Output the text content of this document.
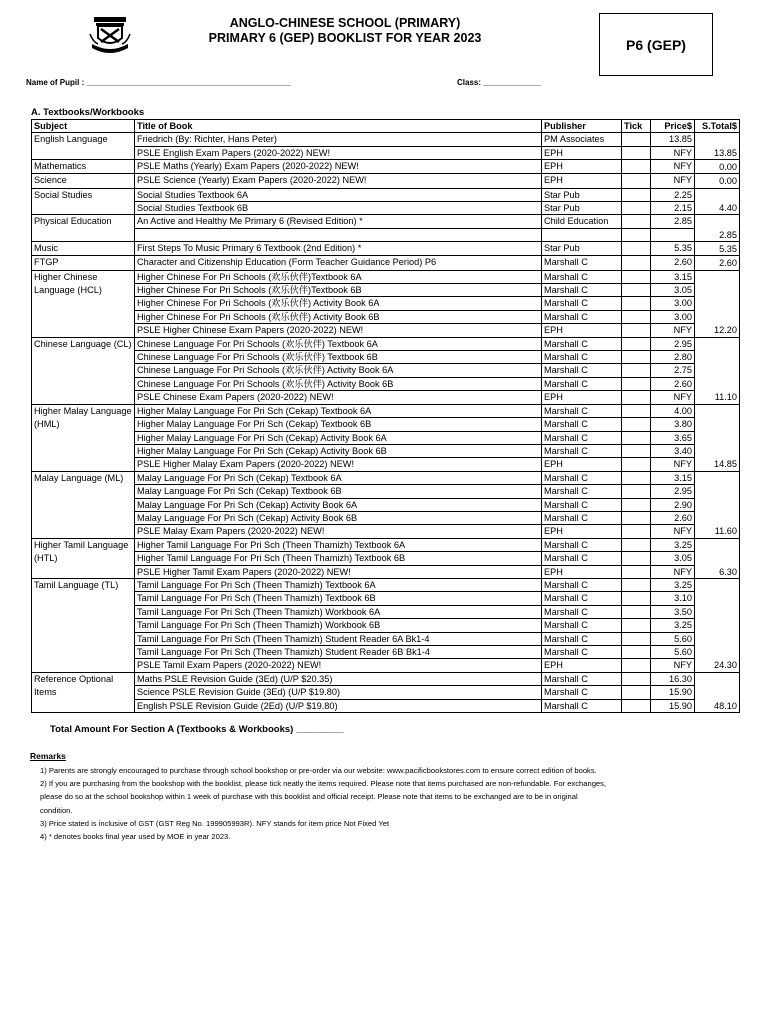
ANGLO-CHINESE SCHOOL (PRIMARY)
PRIMARY 6 (GEP) BOOKLIST FOR YEAR 2023	P6 (GEP)
Name of Pupil : ______________________________________________	Class: _____________
A. Textbooks/Workbooks
Subject	Title of Book	Publisher	Tick	Price$	S.Total$
English Language	Friedrich (By: Richter, Hans Peter)	PM Associates		13.85	13.85
	PSLE English Exam Papers (2020-2022) NEW!	EPH		NFY	
Mathematics	PSLE Maths (Yearly) Exam Papers (2020-2022) NEW!	EPH		NFY	0.00
Science	PSLE Science (Yearly) Exam Papers (2020-2022) NEW!	EPH		NFY	0.00
Social Studies	Social Studies Textbook 6A	Star Pub		2.25	4.40
	Social Studies Textbook 6B	Star Pub		2.15	
Physical Education	An Active and Healthy Me Primary 6 (Revised Edition) *	Child Education		2.85	2.85

Music	First Steps To Music Primary 6 Textbook (2nd Edition) *	Star Pub		5.35	5.35
FTGP	Character and Citizenship Education (Form Teacher Guidance Period) P6	Marshall C		2.60	2.60
Higher Chinese Language (HCL)	Higher Chinese For Pri Schools (欢乐伙伴)Textbook 6A	Marshall C		3.15	12.20
	Higher Chinese For Pri Schools (欢乐伙伴)Textbook 6B	Marshall C		3.05	
	Higher Chinese For Pri Schools (欢乐伙伴) Activity Book 6A	Marshall C		3.00	
	Higher Chinese For Pri Schools (欢乐伙伴) Activity Book 6B	Marshall C		3.00	
	PSLE Higher Chinese Exam Papers (2020-2022) NEW!	EPH		NFY	
Chinese Language (CL)	Chinese Language For Pri Schools (欢乐伙伴) Textbook 6A	Marshall C		2.95	11.10
	Chinese Language For Pri Schools (欢乐伙伴) Textbook 6B	Marshall C		2.80	
	Chinese Language For Pri Schools (欢乐伙伴) Activity Book 6A	Marshall C		2.75	
	Chinese Language For Pri Schools (欢乐伙伴) Activity Book 6B	Marshall C		2.60	
	PSLE Chinese Exam Papers (2020-2022) NEW!	EPH		NFY	
Higher Malay Language (HML)	Higher Malay Language For Pri Sch (Cekap) Textbook 6A	Marshall C		4.00	14.85
	Higher Malay Language For Pri Sch (Cekap) Textbook 6B	Marshall C		3.80	
	Higher Malay Language For Pri Sch (Cekap) Activity Book 6A	Marshall C		3.65	
	Higher Malay Language For Pri Sch (Cekap) Activity Book 6B	Marshall C		3.40	
	PSLE Higher Malay Exam Papers (2020-2022) NEW!	EPH		NFY	
Malay Language (ML)	Malay Language For Pri Sch (Cekap) Textbook 6A	Marshall C		3.15	11.60
	Malay Language For Pri Sch (Cekap) Textbook 6B	Marshall C		2.95	
	Malay Language For Pri Sch (Cekap) Activity Book 6A	Marshall C		2.90	
	Malay Language For Pri Sch (Cekap) Activity Book 6B	Marshall C		2.60	
	PSLE Malay Exam Papers (2020-2022) NEW!	EPH		NFY	
Higher Tamil Language (HTL)	Higher Tamil Language For Pri Sch (Theen Thamizh) Textbook 6A	Marshall C		3.25	6.30
	Higher Tamil Language For Pri Sch (Theen Thamizh) Textbook 6B	Marshall C		3.05	
	PSLE Higher Tamil Exam Papers (2020-2022) NEW!	EPH		NFY	
Tamil Language (TL)	Tamil Language For Pri Sch (Theen Thamizh) Textbook 6A	Marshall C		3.25	24.30
	Tamil Language For Pri Sch (Theen Thamizh) Textbook 6B	Marshall C		3.10	
	Tamil Language For Pri Sch (Theen Thamizh) Workbook 6A	Marshall C		3.50	
	Tamil Language For Pri Sch (Theen Thamizh) Workbook 6B	Marshall C		3.25	
	Tamil Language For Pri Sch (Theen Thamizh) Student Reader 6A Bk1-4	Marshall C		5.60	
	Tamil Language For Pri Sch (Theen Thamizh) Student Reader 6B Bk1-4	Marshall C		5.60	
	PSLE Tamil Exam Papers (2020-2022) NEW!	EPH		NFY	
Reference Optional Items	Maths PSLE Revision Guide (3Ed) (U/P $20.35)	Marshall C		16.30	48.10
	Science PSLE Revision Guide (3Ed) (U/P $19.80)	Marshall C		15.90	
	English PSLE Revision Guide (2Ed) (U/P $19.80)	Marshall C		15.90	
Total Amount For Section A (Textbooks & Workbooks) _________
Remarks
1) Parents are strongly encouraged to purchase through school bookshop or pre-order via our website: www.pacificbookstores.com to ensure correct edition of books.
2) If you are purchasing from the bookshop with the booklist, please tick neatly the items required. Please note that items purchased are non-refundable. For exchanges,
please do so at the school bookshop within 1 week of purchase with this booklist and official receipt. Please note that items to be exchanged are to be in original
condition.
3) Price stated is inclusive of GST (GST Reg No. 199905993R). NFY stands for item price Not Fixed Yet
4) * denotes books final year used by MOE in year 2023.
